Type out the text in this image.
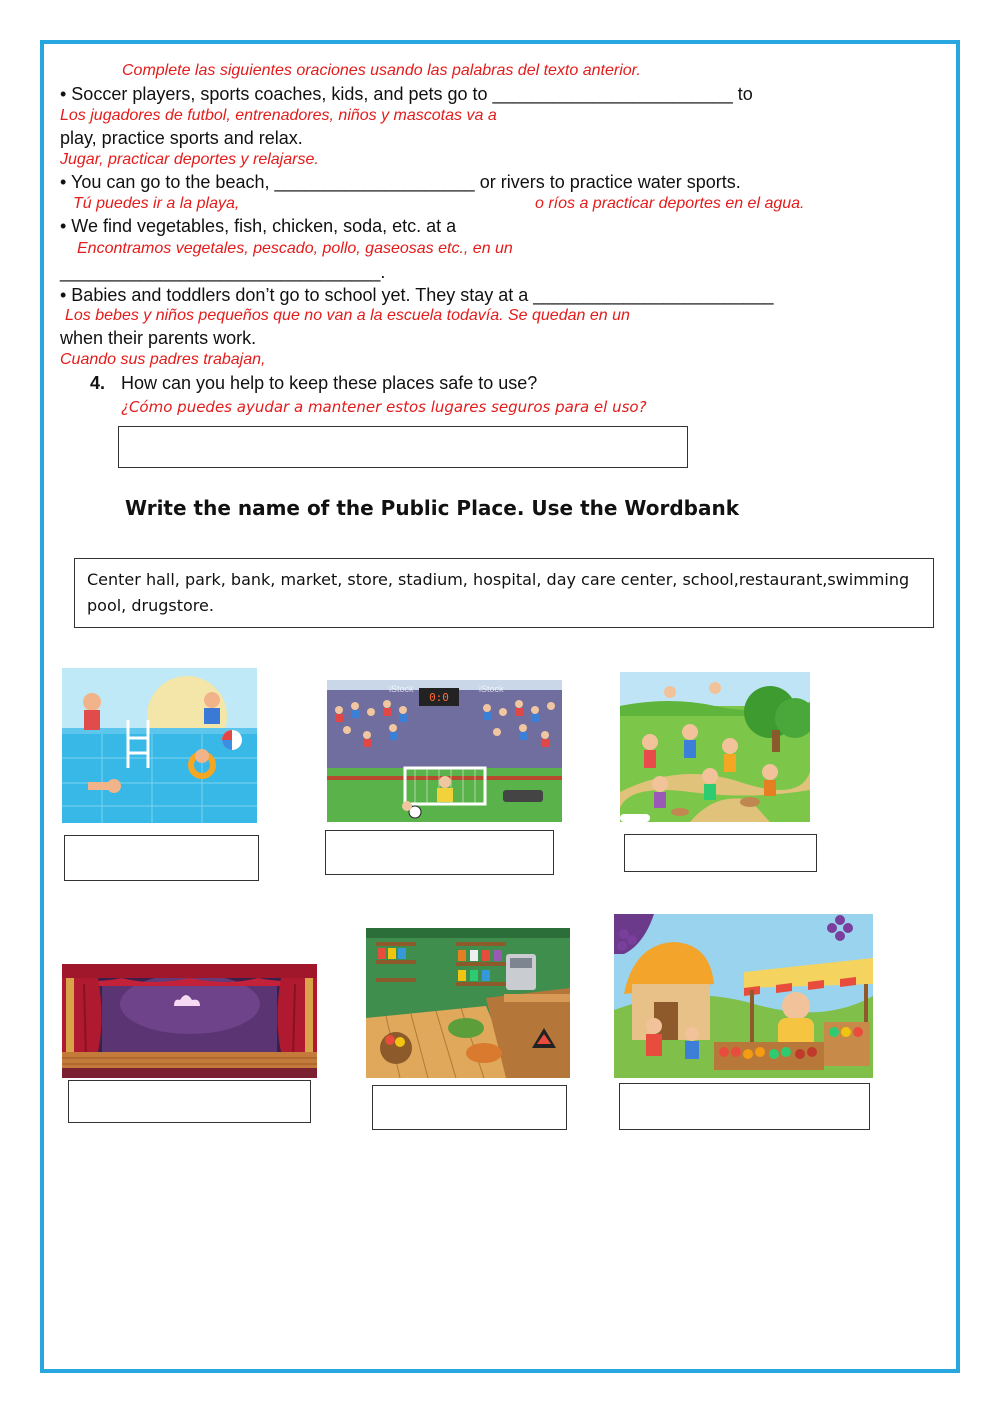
Complete las siguientes oraciones usando las palabras del texto anterior.
• Soccer players, sports coaches, kids, and pets go to ________________________ to
Los jugadores de futbol, entrenadores, niños y mascotas va a
play, practice sports and relax.
Jugar, practicar deportes y relajarse.
• You can go to the beach, ____________________ or rivers to practice water sports.
Tú puedes ir a la playa,	o ríos a practicar deportes en el agua.
• We find vegetables, fish, chicken, soda, etc. at a
Encontramos vegetales, pescado, pollo, gaseosas etc., en un
________________________________.
• Babies and toddlers don’t go to school yet. They stay at a ________________________
Los bebes y niños pequeños que no van a la escuela todavía. Se quedan en un
when their parents work.
Cuando sus padres trabajan,
4. How can you help to keep these places safe to use?
¿Cómo puedes ayudar a mantener estos lugares seguros para el uso?
Write the name of the Public Place. Use the Wordbank
Center hall, park, bank, market, store, stadium, hospital, day care center, school,restaurant,swimming pool, drugstore.
0:0
iStock	iStock
